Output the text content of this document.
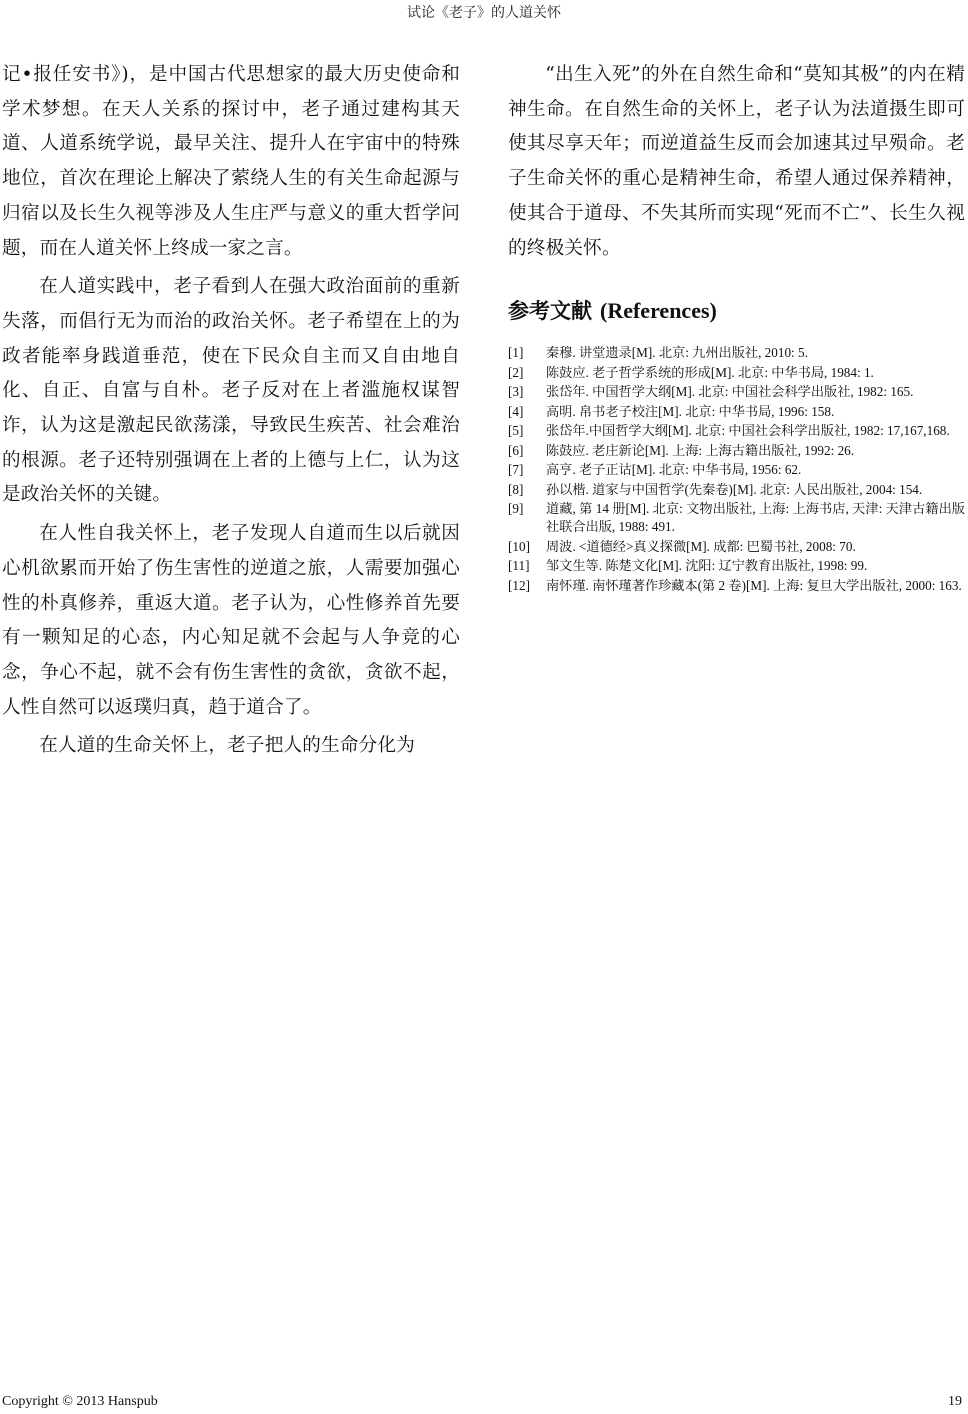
试论《老子》的人道关怀

记•报任安书》)，是中国古代思想家的最大历史使命和学术梦想。在天人关系的探讨中，老子通过建构其天道、人道系统学说，最早关注、提升人在宇宙中的特殊地位，首次在理论上解决了萦绕人生的有关生命起源与归宿以及长生久视等涉及人生庄严与意义的重大哲学问题，而在人道关怀上终成一家之言。

在人道实践中，老子看到人在强大政治面前的重新失落，而倡行无为而治的政治关怀。老子希望在上的为政者能率身践道垂范，使在下民众自主而又自由地自化、自正、自富与自朴。老子反对在上者滥施权谋智诈，认为这是激起民欲荡漾，导致民生疾苦、社会难治的根源。老子还特别强调在上者的上德与上仁，认为这是政治关怀的关键。

在人性自我关怀上，老子发现人自道而生以后就因心机欲累而开始了伤生害性的逆道之旅，人需要加强心性的朴真修养，重返大道。老子认为，心性修养首先要有一颗知足的心态，内心知足就不会起与人争竞的心念，争心不起，就不会有伤生害性的贪欲，贪欲不起，人性自然可以返璞归真，趋于道合了。

在人道的生命关怀上，老子把人的生命分化为

“出生入死”的外在自然生命和“莫知其极”的内在精神生命。在自然生命的关怀上，老子认为法道摄生即可使其尽享天年；而逆道益生反而会加速其过早殒命。老子生命关怀的重心是精神生命，希望人通过保养精神，使其合于道母、不失其所而实现“死而不亡”、长生久视的终极关怀。

参考文献 (References)
[1]	秦穆. 讲堂遗录[M]. 北京: 九州出版社, 2010: 5.
[2]	陈鼓应. 老子哲学系统的形成[M]. 北京: 中华书局, 1984: 1.
[3]	张岱年. 中国哲学大纲[M]. 北京: 中国社会科学出版社, 1982: 165.
[4]	高明. 帛书老子校注[M]. 北京: 中华书局, 1996: 158.
[5]	张岱年.中国哲学大纲[M]. 北京: 中国社会科学出版社, 1982: 17,167,168.
[6]	陈鼓应. 老庄新论[M]. 上海: 上海古籍出版社, 1992: 26.
[7]	高亨. 老子正诂[M]. 北京: 中华书局, 1956: 62.
[8]	孙以楷. 道家与中国哲学(先秦卷)[M]. 北京: 人民出版社, 2004: 154.
[9]	道藏, 第 14 册[M]. 北京: 文物出版社, 上海: 上海书店, 天津: 天津古籍出版社联合出版, 1988: 491.
[10]	周波. <道德经>真义探微[M]. 成都: 巴蜀书社, 2008: 70.
[11]	邹文生等. 陈楚文化[M]. 沈阳: 辽宁教育出版社, 1998: 99.
[12]	南怀瑾. 南怀瑾著作珍藏本(第 2 卷)[M]. 上海: 复旦大学出版社, 2000: 163.
Copyright © 2013 Hanspub	19
